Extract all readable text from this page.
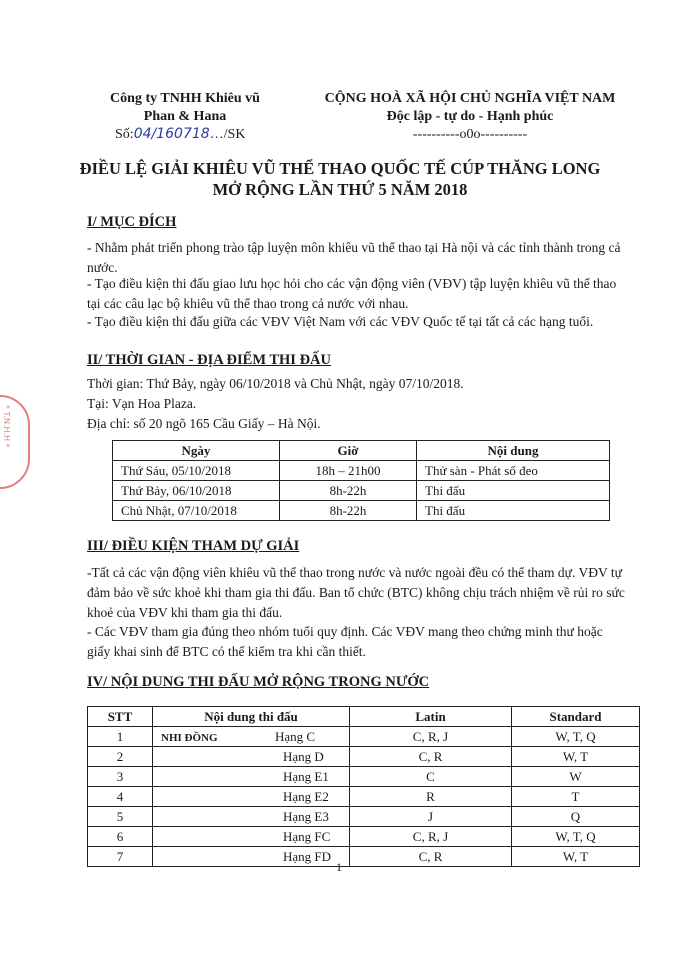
Công ty TNHH Khiêu vũ
Phan & Hana
Số:04/160718…/SK
CỘNG HOÀ XÃ HỘI CHỦ NGHĨA VIỆT NAM
Độc lập - tự do - Hạnh phúc
----------o0o----------
ĐIỀU LỆ GIẢI KHIÊU VŨ THỂ THAO QUỐC TẾ CÚP THĂNG LONG
MỞ RỘNG LẦN THỨ 5 NĂM 2018
I/ MỤC ĐÍCH
- Nhằm phát triển phong trào tập luyện môn khiêu vũ thể thao tại Hà nội và các tỉnh thành trong cả nước.
- Tạo điều kiện thi đấu giao lưu học hỏi cho các vận động viên (VĐV) tập luyện khiêu vũ thể thao tại các câu lạc bộ khiêu vũ thể thao trong cả nước với nhau.
- Tạo điều kiện thi đấu giữa các VĐV Việt Nam với các VĐV Quốc tế tại tất cả các hạng tuổi.
II/ THỜI GIAN - ĐỊA ĐIỂM THI ĐẤU
Thời gian: Thứ Bảy, ngày 06/10/2018 và Chủ Nhật, ngày 07/10/2018.
Tại: Vạn Hoa Plaza.
Địa chỉ: số 20 ngõ 165 Cầu Giấy – Hà Nội.
Ngày	Giờ	Nội dung
Thứ Sáu, 05/10/2018	18h – 21h00	Thử sàn - Phát số đeo
Thứ Bảy, 06/10/2018	8h-22h	Thi đấu
Chủ Nhật, 07/10/2018	8h-22h	Thi đấu
III/ ĐIỀU KIỆN THAM DỰ GIẢI
-Tất cả các vận động viên khiêu vũ thể thao trong nước và nước ngoài đều có thể tham dự. VĐV tự đảm bảo về sức khoẻ khi tham gia thi đấu. Ban tổ chức (BTC) không chịu trách nhiệm về rủi ro sức khoẻ của VĐV khi tham gia thi đấu.
- Các VĐV tham gia đúng theo nhóm tuổi quy định. Các VĐV mang theo chứng minh thư hoặc giấy khai sinh để BTC có thể kiểm tra khi cần thiết.
IV/ NỘI DUNG THI ĐẤU MỞ RỘNG TRONG NƯỚC
STT	Nội dung thi đấu	Latin	Standard
1	NHI ĐỒNG Hạng C	C, R, J	W, T, Q
2	Hạng D	C, R	W, T
3	Hạng E1	C	W
4	Hạng E2	R	T
5	Hạng E3	J	Q
6	Hạng FC	C, R, J	W, T, Q
7	Hạng FD	C, R	W, T
1
* T.N.H.H *
